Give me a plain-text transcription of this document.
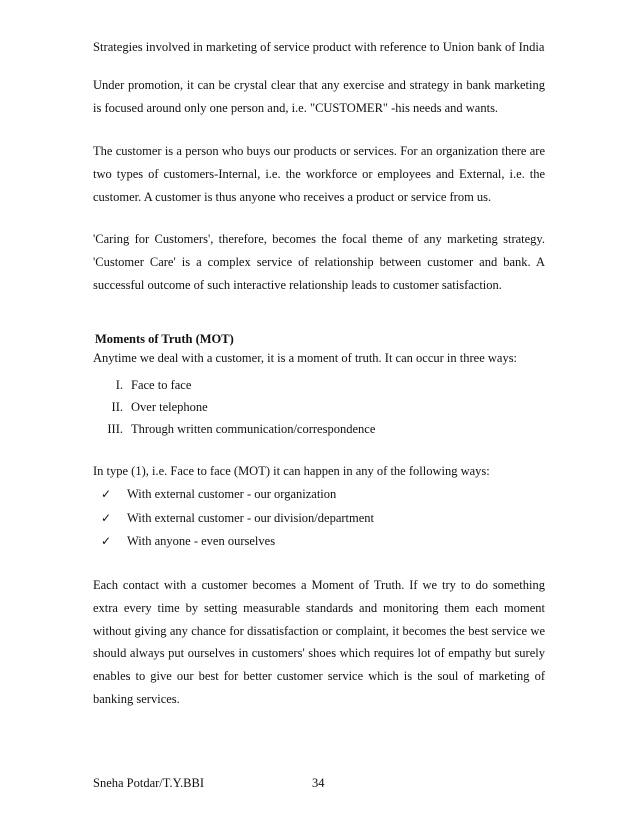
Strategies involved in marketing of service product with reference to Union bank of India

Under promotion, it can be crystal clear that any exercise and strategy in bank marketing is focused around only one person and, i.e. "CUSTOMER" -his needs and wants.

The customer is a person who buys our products or services. For an organization there are two types of customers-Internal, i.e. the workforce or employees and External, i.e. the customer. A customer is thus anyone who receives a product or service from us.

'Caring for Customers', therefore, becomes the focal theme of any marketing strategy. 'Customer Care' is a complex service of relationship between customer and bank. A successful outcome of such interactive relationship leads to customer satisfaction.

Moments of Truth (MOT)

Anytime we deal with a customer, it is a moment of truth. It can occur in three ways:

I. Face to face
II. Over telephone
III. Through written communication/correspondence

In type (1), i.e. Face to face (MOT) it can happen in any of the following ways:

✓ With external customer - our organization
✓ With external customer - our division/department
✓ With anyone - even ourselves

Each contact with a customer becomes a Moment of Truth. If we try to do something extra every time by setting measurable standards and monitoring them each moment without giving any chance for dissatisfaction or complaint, it becomes the best service we should always put ourselves in customers' shoes which requires lot of empathy but surely enables to give our best for better customer service which is the soul of marketing of banking services.

Sneha Potdar/T.Y.BBI	34
